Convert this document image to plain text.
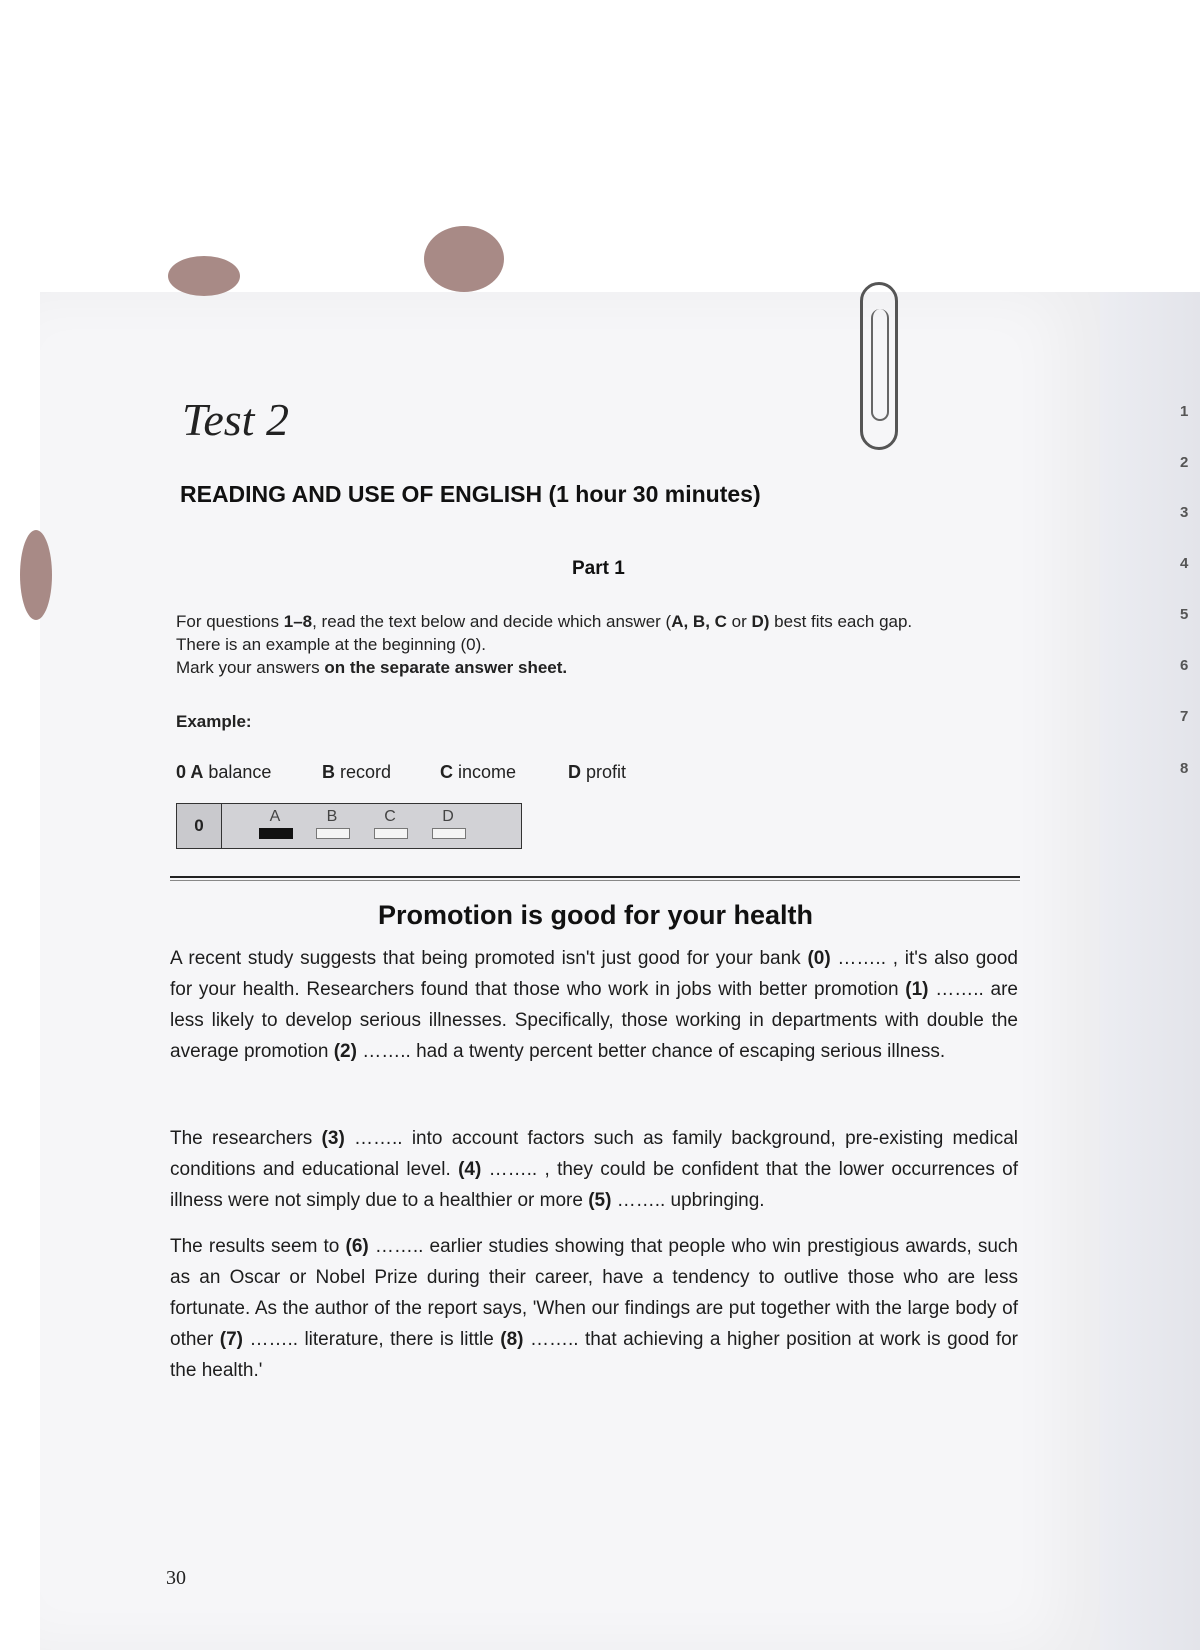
Test 2
READING AND USE OF ENGLISH (1 hour 30 minutes)
Part 1

For questions 1–8, read the text below and decide which answer (A, B, C or D) best fits each gap.
There is an example at the beginning (0).
Mark your answers on the separate answer sheet.

Example:

0 A balance	B record	C income	D profit
0	A	B	C	D
Promotion is good for your health

A recent study suggests that being promoted isn't just good for your bank (0) …….. , it's also good for your health. Researchers found that those who work in jobs with better promotion (1) …….. are less likely to develop serious illnesses. Specifically, those working in departments with double the average promotion (2) …….. had a twenty percent better chance of escaping serious illness.

The researchers (3) …….. into account factors such as family background, pre-existing medical conditions and educational level. (4) …….. , they could be confident that the lower occurrences of illness were not simply due to a healthier or more (5) …….. upbringing.

The results seem to (6) …….. earlier studies showing that people who win prestigious awards, such as an Oscar or Nobel Prize during their career, have a tendency to outlive those who are less fortunate. As the author of the report says, 'When our findings are put together with the large body of other (7) …….. literature, there is little (8) …….. that achieving a higher position at work is good for the health.'

30

1
2
3
4
5
6
7
8
